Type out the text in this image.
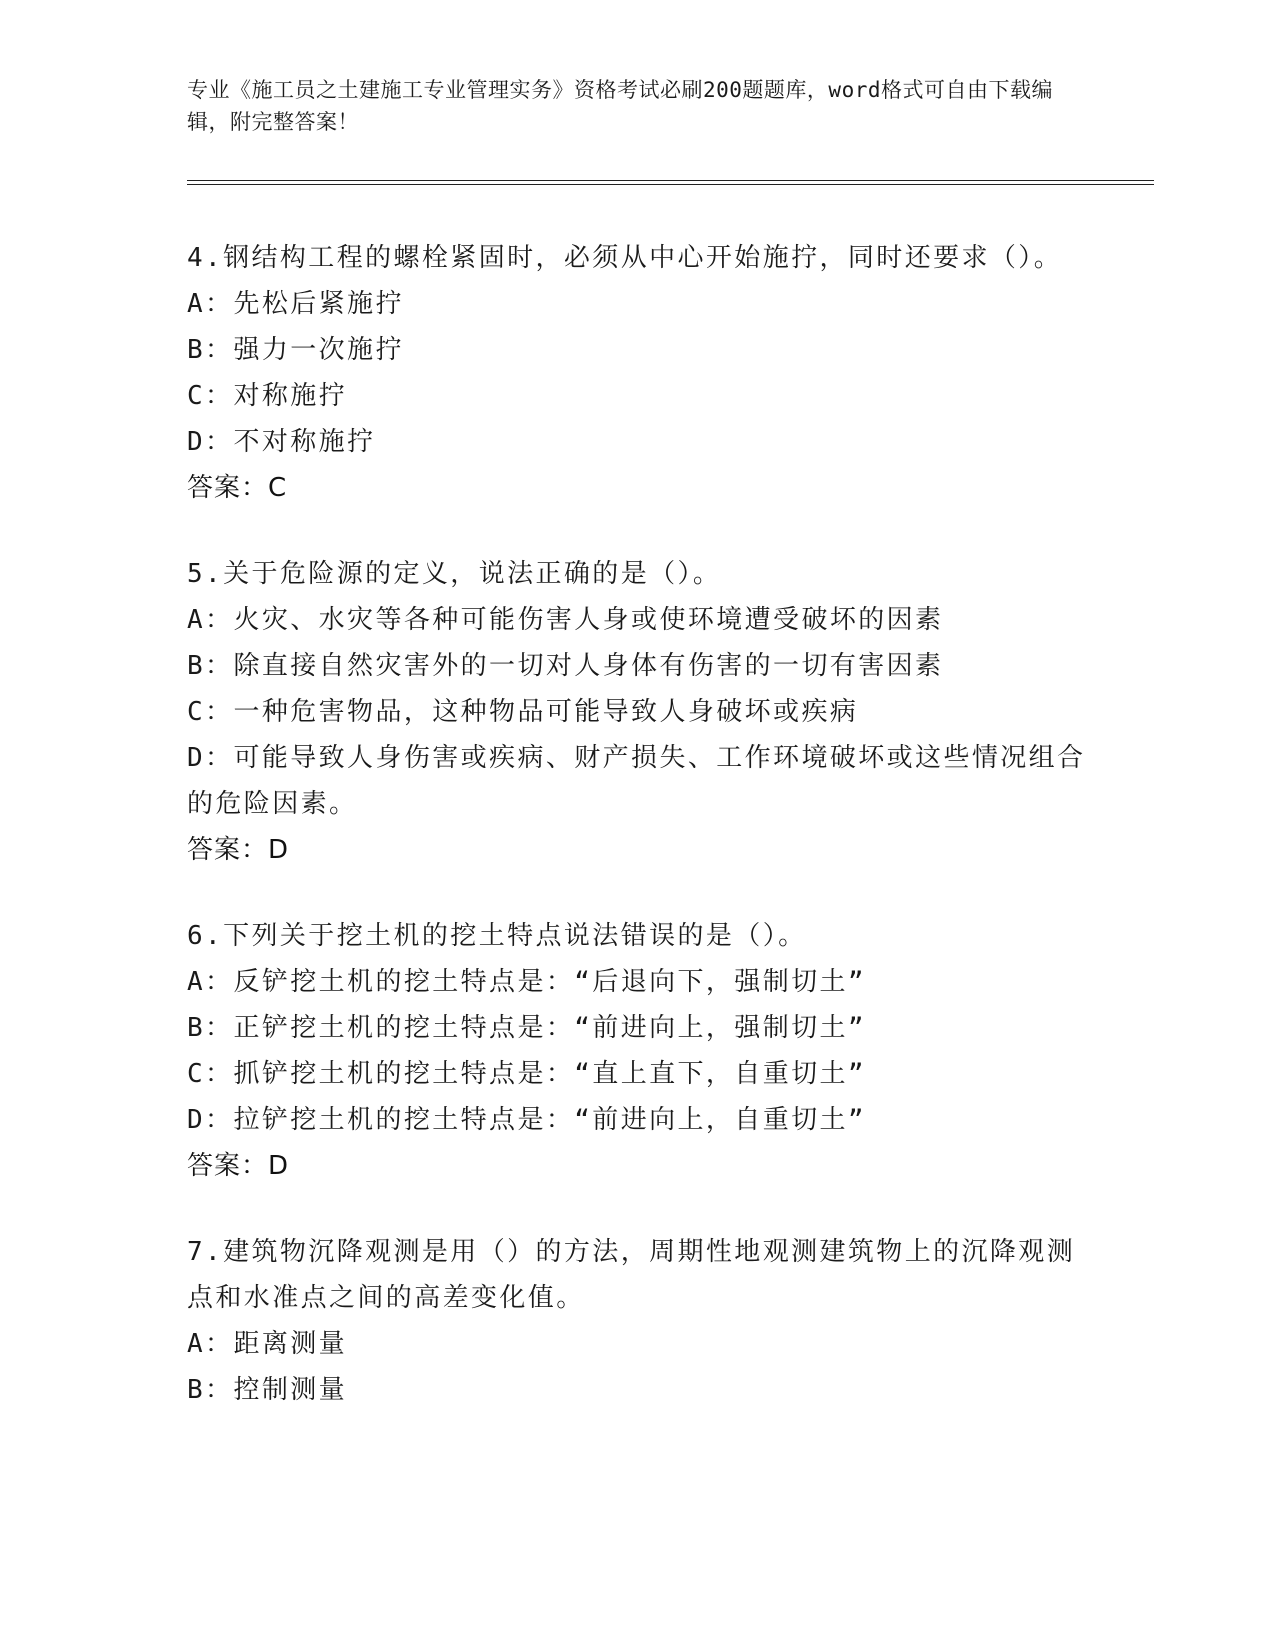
专业《施工员之土建施工专业管理实务》资格考试必刷200题题库，word格式可自由下载编辑，附完整答案！
4.钢结构工程的螺栓紧固时，必须从中心开始施拧，同时还要求（）。
A：先松后紧施拧
B：强力一次施拧
C：对称施拧
D：不对称施拧
答案：C
5.关于危险源的定义，说法正确的是（）。
A：火灾、水灾等各种可能伤害人身或使环境遭受破坏的因素
B：除直接自然灾害外的一切对人身体有伤害的一切有害因素
C：一种危害物品，这种物品可能导致人身破坏或疾病
D：可能导致人身伤害或疾病、财产损失、工作环境破坏或这些情况组合的危险因素。
答案：D
6.下列关于挖土机的挖土特点说法错误的是（）。
A：反铲挖土机的挖土特点是：“后退向下，强制切土”
B：正铲挖土机的挖土特点是：“前进向上，强制切土”
C：抓铲挖土机的挖土特点是：“直上直下，自重切土”
D：拉铲挖土机的挖土特点是：“前进向上，自重切土”
答案：D
7.建筑物沉降观测是用（）的方法，周期性地观测建筑物上的沉降观测点和水准点之间的高差变化值。
A：距离测量
B：控制测量
